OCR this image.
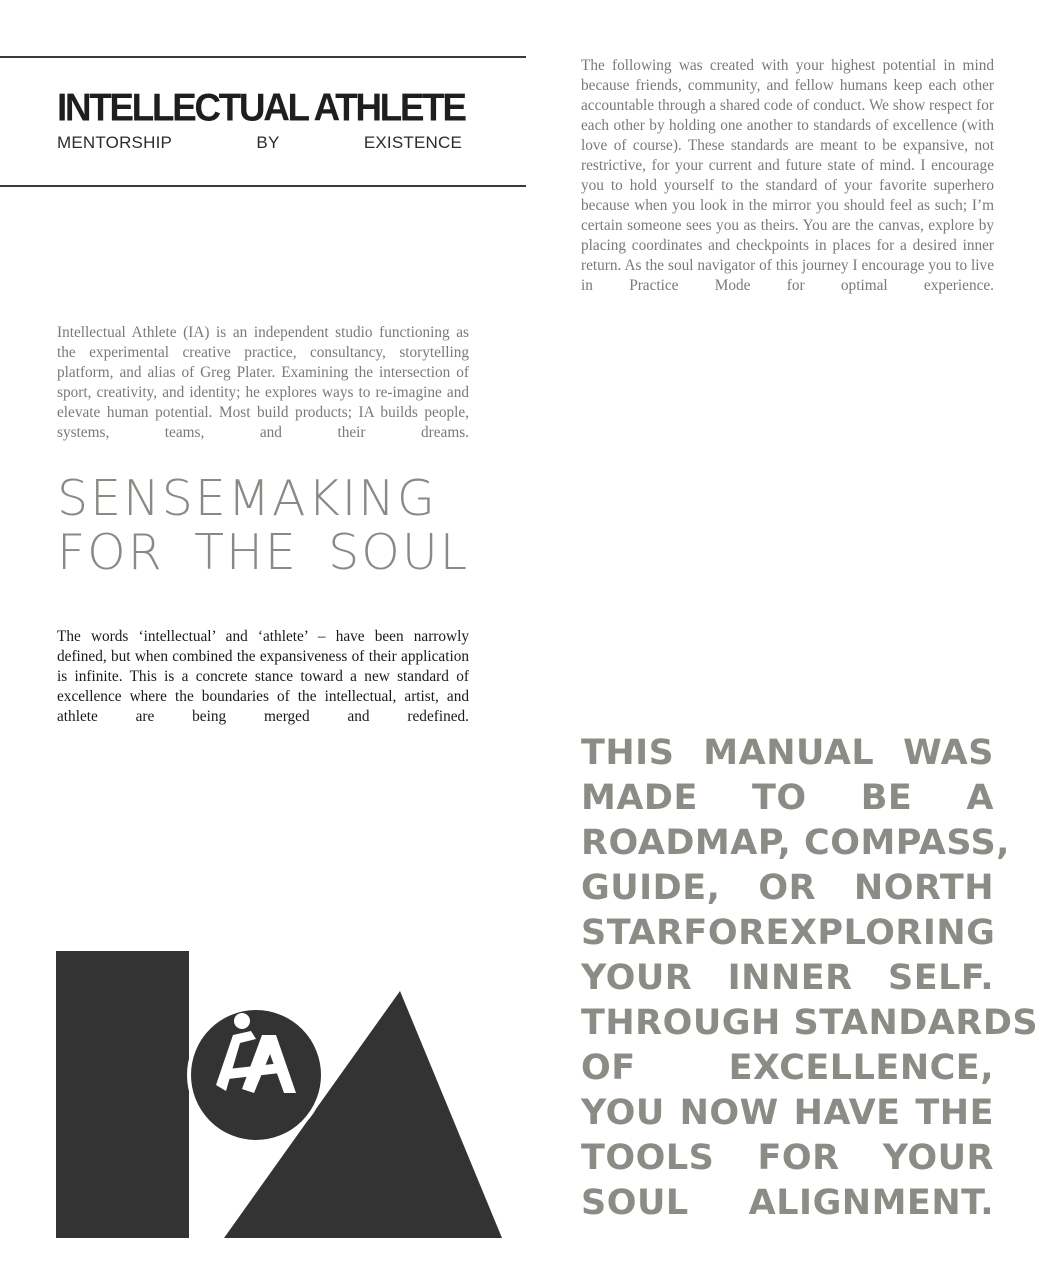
INTELLECTUAL ATHLETE
MENTORSHIP	BY	EXISTENCE
The following was created with your highest potential in mind because friends, community, and fellow humans keep each other accountable through a shared code of conduct. We show respect for each other by holding one another to standards of excellence (with love of course). These standards are meant to be expansive, not restrictive, for your current and future state of mind. I encourage you to hold yourself to the standard of your favorite superhero because when you look in the mirror you should feel as such; I’m certain someone sees you as theirs. You are the canvas, explore by placing coordinates and checkpoints in places for a desired inner return. As the soul navigator of this journey I encourage you to live in Practice Mode for optimal experience.
Intellectual Athlete (IA) is an independent studio functioning as the experimental creative practice, consultancy, storytelling platform, and alias of Greg Plater. Examining the intersection of sport, creativity, and identity; he explores ways to re-imagine and elevate human potential. Most build products; IA builds people, systems, teams, and their dreams.
SENSEMAKING
FOR THE SOUL
The words ‘intellectual’ and ‘athlete’ – have been narrowly defined, but when combined the expansiveness of their application is infinite. This is a concrete stance toward a new standard of excellence where the boundaries of the intellectual, artist, and athlete are being merged and redefined.
THIS MANUAL WAS
MADE TO BE A
ROADMAP, COMPASS,
GUIDE, OR NORTH
STAR FOR EXPLORING
YOUR INNER SELF.
THROUGH STANDARDS
OF	EXCELLENCE,
YOU NOW HAVE THE
TOOLS FOR YOUR
SOUL ALIGNMENT.
